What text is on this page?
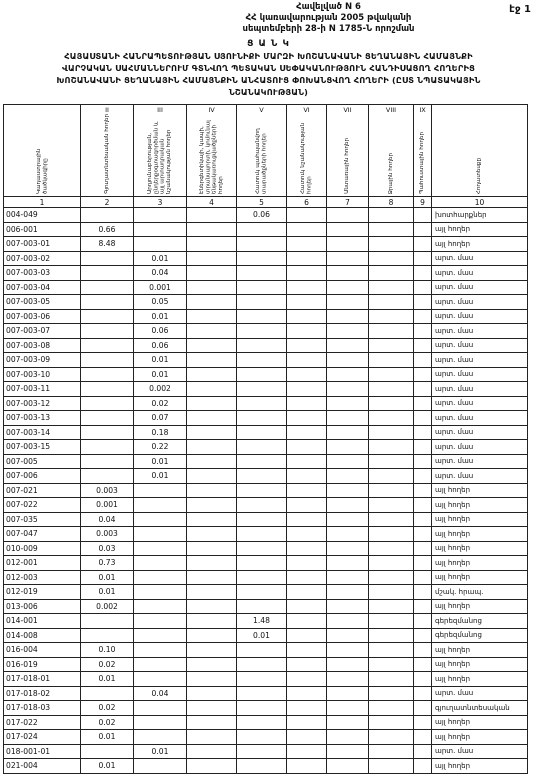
էջ 1
Հավելված N 6
ՀՀ կառավարության 2005 թվականի
սեպտեմբերի 28-ի N 1785-Ն որոշման
Ց Ա Ն Կ
ՀԱՅԱՍՏԱՆԻ ՀԱՆՐԱՊԵՏՈՒԹՅԱՆ ՍՅՈՒՆԻՔԻ ՄԱՐԶԻ ԽՈՇԱՆԱՎԱՆԻ ՑԵՂԱՆԱՅԻՆ ՀԱՄԱՅՆՔԻ
ՎԱՐՉԱԿԱՆ ՍԱՀՄԱՆՆԵՐՈՒՄ ԳՏՆՎՈՂ ՊԵՏԱԿԱՆ ՍԵՓԱԿԱՆՈՒԹՅՈՒՆ ՀԱՆԴԻՍԱՑՈՂ ՀՈՂԵՐԻՑ
ԽՈՇԱՆԱՎԱՆԻ ՑԵՂԱՆԱՅԻՆ ՀԱՄԱՅՆՔԻՆ ԱՆՀԱՏՈՒՑ ՓՈԽԱՆՑՎՈՂ ՀՈՂԵՐԻ (ԸՍՏ ՆՊԱՏԱԿԱՅԻՆ
ՆՇԱՆԱԿՈՒԹՅԱՆ)
	II	III	IV	V	VI	VII	VIII	IX	
Կադաստրային ծածկագիրը	Գյուղատնտեսական հողեր	Արդյունաբերության, ընդերքօգտագործման և այլ արտադրական նշանակության հողեր	Էներգետիկայի, կապի, տրանսպորտի, կոմունալ ենթակառուցվածքների հողեր	Հատուկ պահպանվող տարածքների հողեր	Հատուկ նշանակության հողեր	Անտառային հողեր	Ջրային հողեր	Պահուստային հողեր	Հողատեսքը
1	2	3	4	5	6	7	8	9	10
004-049				0.06					խոտհարքներ
006-001	0.66								այլ հողեր
007-003-01	8.48								այլ հողեր
007-003-02		0.01							արտ. մաս
007-003-03		0.04							արտ. մաս
007-003-04		0.001							արտ. մաս
007-003-05		0.05							արտ. մաս
007-003-06		0.01							արտ. մաս
007-003-07		0.06							արտ. մաս
007-003-08		0.06							արտ. մաս
007-003-09		0.01							արտ. մաս
007-003-10		0.01							արտ. մաս
007-003-11		0.002							արտ. մաս
007-003-12		0.02							արտ. մաս
007-003-13		0.07							արտ. մաս
007-003-14		0.18							արտ. մաս
007-003-15		0.22							արտ. մաս
007-005		0.01							արտ. մաս
007-006		0.01							արտ. մաս
007-021	0.003								այլ հողեր
007-022	0.001								այլ հողեր
007-035	0.04								այլ հողեր
007-047	0.003								այլ հողեր
010-009	0.03								այլ հողեր
012-001	0.73								այլ հողեր
012-003	0.01								այլ հողեր
012-019	0.01								մշակ. հրապ.
013-006	0.002								այլ հողեր
014-001				1.48					գերեզմանոց
014-008				0.01					գերեզմանոց
016-004	0.10								այլ հողեր
016-019	0.02								այլ հողեր
017-018-01	0.01								այլ հողեր
017-018-02		0.04							արտ. մաս
017-018-03	0.02								գյուղատնտեսական
017-022	0.02								այլ հողեր
017-024	0.01								այլ հողեր
018-001-01		0.01							արտ. մաս
021-004	0.01								այլ հողեր
